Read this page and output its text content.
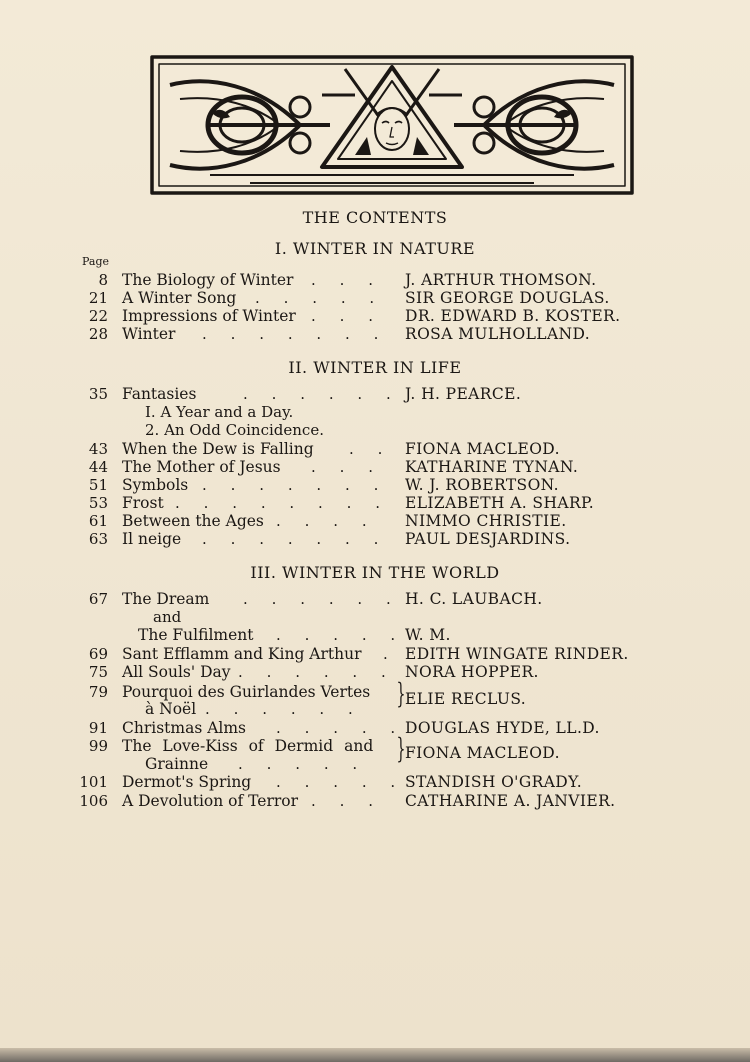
THE CONTENTS
I. WINTER IN NATURE
Page
8 The Biology of Winter .     .     . J. ARTHUR THOMSON.
21 A Winter Song .     .     .     .     . SIR GEORGE DOUGLAS.
22 Impressions of Winter .     .     . DR. EDWARD B. KOSTER.
28 Winter .     .     .     .     .     .     . ROSA MULHOLLAND.
II. WINTER IN LIFE
35 Fantasies	.     .     .     .     .     . J. H. PEARCE.
I. A Year and a Day.
2. An Odd Coincidence.
43 When the Dew is Falling .     . FIONA MACLEOD.
44 The Mother of Jesus .     .     . KATHARINE TYNAN.
51 Symbols .     .     .     .     .     .     . W. J. ROBERTSON.
53 Frost .     .     .     .     .     .     .     . ELIZABETH A. SHARP.
61 Between the Ages .     .     .     . NIMMO CHRISTIE.
63 Il neige .     .     .     .     .     .     . PAUL DESJARDINS.
III. WINTER IN THE WORLD
67 The Dream .     .     .     .     .     . H. C. LAUBACH.
and
The Fulfilment .     .     .     .     . W. M.
69 Sant Efflamm and King Arthur . EDITH WINGATE RINDER.
75 All Souls' Day .     .     .     .     .     . NORA HOPPER.
79 Pourquoi des Guirlandes Vertes
à Noël .     .     .     .     .     . } ELIE RECLUS.
91 Christmas Alms .     .     .     .     . DOUGLAS HYDE, LL.D.
99 The Love-Kiss of Dermid and
Grainne .     .     .     .     . } FIONA MACLEOD.
101 Dermot's Spring .     .     .     .     . STANDISH O'GRADY.
106 A Devolution of Terror .     .     . CATHARINE A. JANVIER.
